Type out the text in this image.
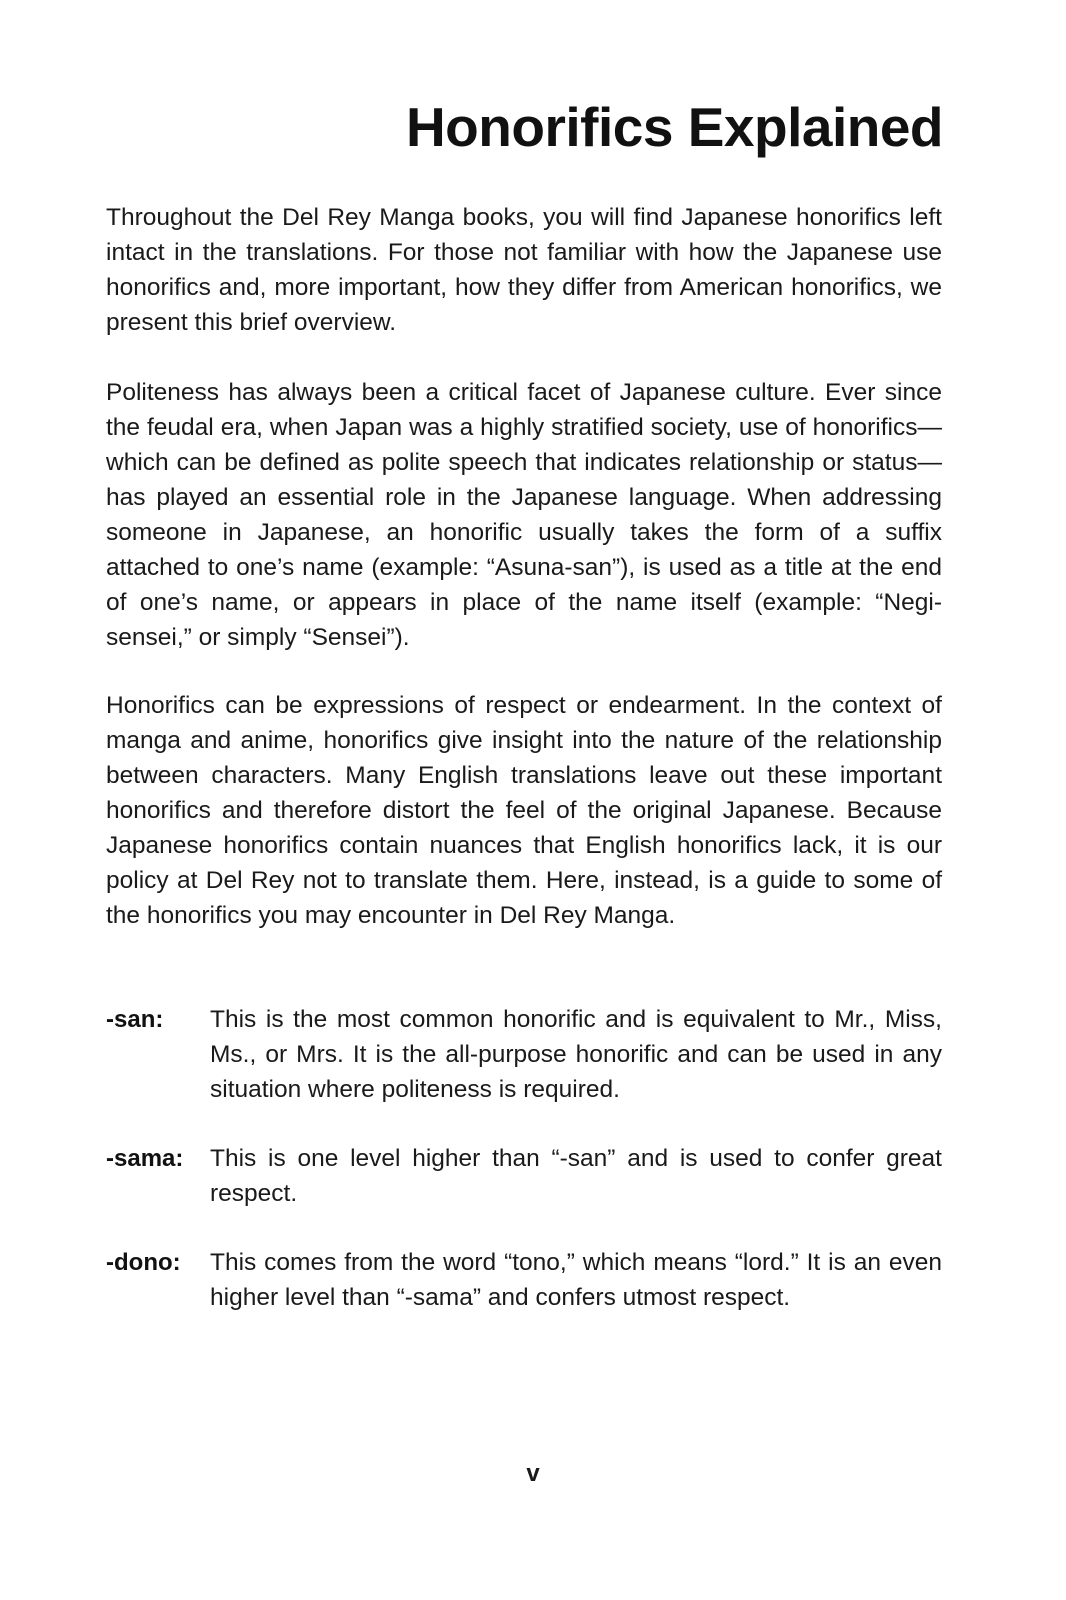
Honorifics Explained

Throughout the Del Rey Manga books, you will find Japanese honorifics left intact in the translations. For those not familiar with how the Japanese use honorifics and, more important, how they differ from American honorifics, we present this brief overview.

Politeness has always been a critical facet of Japanese culture. Ever since the feudal era, when Japan was a highly stratified society, use of honorifics—which can be defined as polite speech that indicates relationship or status—has played an essential role in the Japanese language. When addressing someone in Japanese, an honorific usually takes the form of a suffix attached to one’s name (example: “Asuna-san”), is used as a title at the end of one’s name, or appears in place of the name itself (example: “Negi-sensei,” or simply “Sensei”).

Honorifics can be expressions of respect or endearment. In the context of manga and anime, honorifics give insight into the nature of the relationship between characters. Many English translations leave out these important honorifics and therefore distort the feel of the original Japanese. Because Japanese honorifics contain nuances that English honorifics lack, it is our policy at Del Rey not to translate them. Here, instead, is a guide to some of the honorifics you may encounter in Del Rey Manga.

-san:	This is the most common honorific and is equivalent to Mr., Miss, Ms., or Mrs. It is the all-purpose honorific and can be used in any situation where politeness is required.
-sama:	This is one level higher than “-san” and is used to confer great respect.
-dono:	This comes from the word “tono,” which means “lord.” It is an even higher level than “-sama” and confers utmost respect.
v
